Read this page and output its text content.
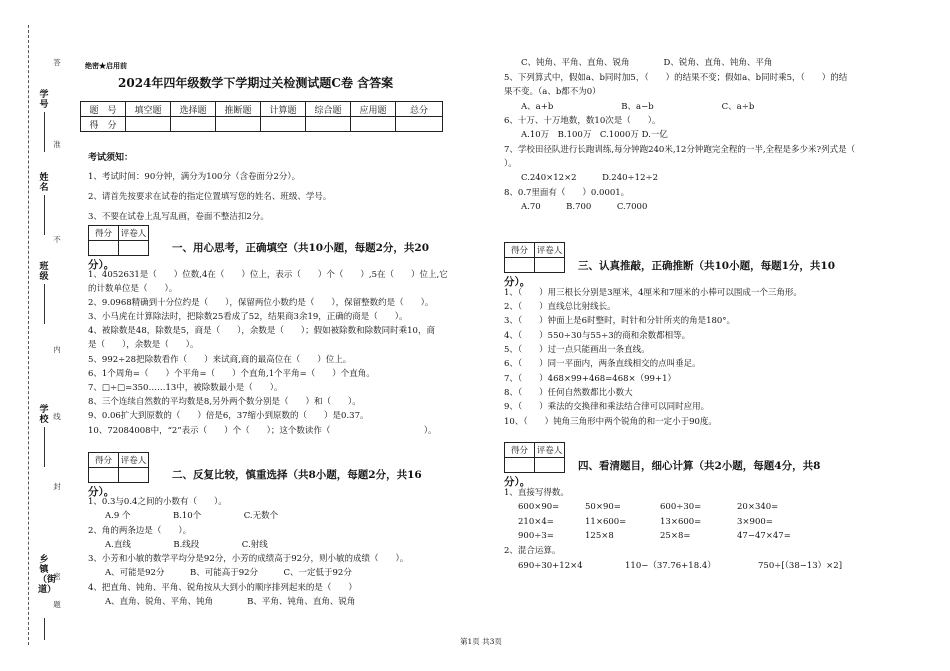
学号
姓名
班级
学校
乡镇（街道）
答
准
不
内
线
封
密
题
绝密★启用前
2024年四年级数学下学期过关检测试题C卷 含答案
题　号	填空题	选择题	推断题	计算题	综合题	应用题	总分
得　分							
考试须知：
1、考试时间：90分钟，满分为100分（含卷面分2分）。
2、请首先按要求在试卷的指定位置填写您的姓名、班级、学号。
3、不要在试卷上乱写乱画，卷面不整洁扣2分。
得分	评卷人

一、用心思考，正确填空（共10小题，每题2分，共20
分）。
1、4052631是（　　）位数,4在（　　）位上，表示（　　）个（　　）,5在（　　）位上,它
的计数单位是（　　）。
2、9.0968精确到十分位约是（　　），保留两位小数约是（　　），保留整数约是（　　）。
3、小马虎在计算除法时，把除数25看成了52，结果商3余19，正确的商是（　　）。
4、被除数是48，除数是5，商是（　　），余数是（　　）；假如被除数和除数同时乘10，商
是（　　），余数是（　　）。
5、992÷28把除数看作（　　）来试商,商的最高位在（　　）位上。
6、1个周角=（　　）个平角=（　　）个直角,1个平角=（　　）个直角。
7、□÷□=350……13中，被除数最小是（　　）。
8、三个连续自然数的平均数是8,另外两个数分别是（　　）和（　　）。
9、0.06扩大到原数的（　　）倍是6，37缩小到原数的（　　）是0.37。
10、72084008中，“2”表示（　　）个（　　）；这个数读作（　　　　　　　　　　　）。
得分	评卷人

二、反复比较，慎重选择（共8小题，每题2分，共16
分）。
1、0.3与0.4之间的小数有（　　）。
　　A.9 个　　　　　B.10个　　　　　C.无数个
2、角的两条边是（　　）。
　　A.直线　　　　　B.线段　　　　　C.射线
3、小芳和小敏的数学平均分是92分，小芳的成绩高于92分，则小敏的成绩（　　）。
　　A、可能是92分　　　B、可能高于92分　　　C、一定低于92分
4、把直角、钝角、平角、锐角按从大到小的顺序排列起来的是（　　）
　　A、直角、锐角、平角、钝角　　　　B、平角、钝角、直角、锐角
　　C、钝角、平角、直角、锐角　　　　D、锐角、直角、钝角、平角
5、下列算式中，假如a、b同时加5，（　　）的结果不变；假如a、b同时乘5，（　　）的结
果不变。（a、b都不为0）
　　A、a+b　　　　　　　　B、a−b　　　　　　　　C、a÷b
6、十万、十万地数，数10次是（　　）。
　　A.10万　B.100万　C.1000万 D.一亿
7、学校田径队进行长跑训练,每分钟跑240米,12分钟跑完全程的一半,全程是多少米?列式是（
）。
　　C.240×12×2　　　D.240÷12÷2
8、0.7里面有（　　）0.0001。
　　A.70　　　B.700　　　C.7000
得分	评卷人

三、认真推敲，正确推断（共10小题，每题1分，共10
分）。
1、（　　）用三根长分别是3厘米，4厘米和7厘米的小棒可以围成一个三角形。
2、（　　）直线总比射线长。
3、（　　）钟面上是6时整时，时针和分针所夹的角是180°。
4、（　　）550÷30与55÷3的商和余数都相等。
5、（　　）过一点只能画出一条直线。
6、（　　）同一平面内，两条直线相交的点叫垂足。
7、（　　）468×99+468=468×（99+1）
8、（　　）任何自然数都比小数大
9、（　　）乘法的交换律和乘法结合律可以同时应用。
10、（　　）钝角三角形中两个锐角的和一定小于90度。
得分	评卷人

四、看清题目，细心计算（共2小题，每题4分，共8
分）。
1、直接写得数。
600×90=	50×90=	600÷30=	20×340=
210×4=	11×600=	13×600=	3×900=
900÷3=	125×8	25×8=	47−47×47=
2、混合运算。
690÷30+12×4	110−（37.76+18.4）	750÷[（38−13）×2]
第1页 共3页
